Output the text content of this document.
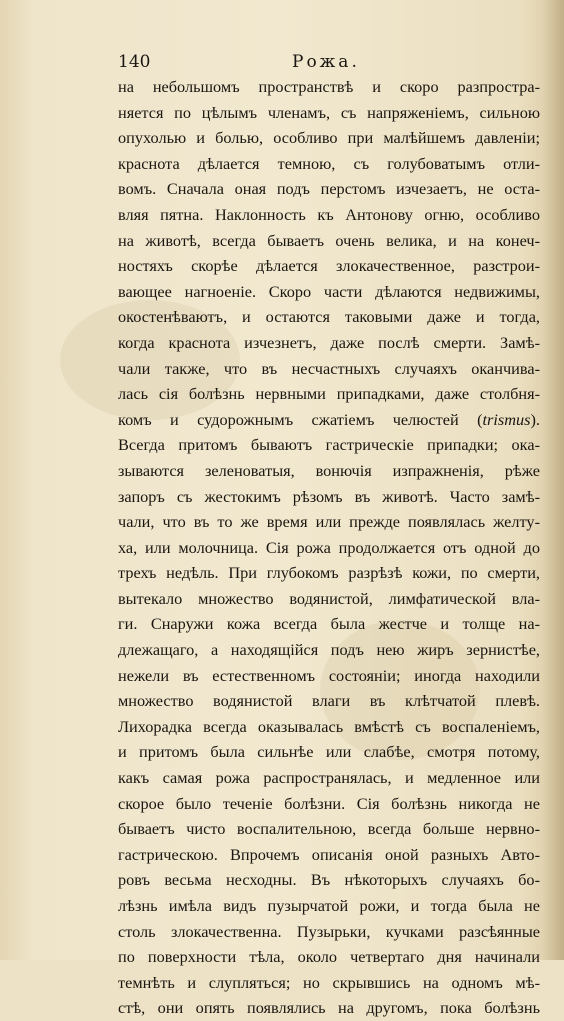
140	Рожа.
на небольшомъ пространствѣ и скоро разпростра-
няется по цѣлымъ членамъ, съ напряженіемъ, сильною
опухолью и болью, особливо при малѣйшемъ давленіи;
краснота дѣлается темною, съ голубоватымъ отли-
вомъ. Сначала оная подъ перстомъ изчезаетъ, не оста-
вляя пятна. Наклонность къ Антонову огню, особливо
на животѣ, всегда бываетъ очень велика, и на конеч-
ностяхъ скорѣе дѣлается злокачественное, разстрои-
вающее нагноеніе. Скоро части дѣлаются недвижимы,
окостенѣваютъ, и остаются таковыми даже и тогда,
когда краснота изчезнетъ, даже послѣ смерти. Замѣ-
чали также, что въ несчастныхъ случаяхъ оканчива-
лась сія болѣзнь нервными припадками, даже столбня-
комъ и судорожнымъ сжатіемъ челюстей (trismus).
Всегда притомъ бываютъ гастрическіе припадки; ока-
зываются зеленоватыя, вонючія изпражненія, рѣже
запоръ съ жестокимъ рѣзомъ въ животѣ. Часто замѣ-
чали, что въ то же время или прежде появлялась желту-
ха, или молочница. Сія рожа продолжается отъ одной до
трехъ недѣль. При глубокомъ разрѣзѣ кожи, по смерти,
вытекало множество водянистой, лимфатической вла-
ги. Снаружи кожа всегда была жестче и толще на-
длежащаго, а находящійся подъ нею жиръ зернистѣе,
нежели въ естественномъ состояніи; иногда находили
множество водянистой влаги въ клѣтчатой плевѣ.
Лихорадка всегда оказывалась вмѣстѣ съ воспаленіемъ,
и притомъ была сильнѣе или слабѣе, смотря потому,
какъ самая рожа распространялась, и медленное или
скорое было теченіе болѣзни. Сія болѣзнь никогда не
бываетъ чисто воспалительною, всегда больше нервно-
гастрическою. Впрочемъ описанія оной разныхъ Авто-
ровъ весьма несходны. Въ нѣкоторыхъ случаяхъ бо-
лѣзнь имѣла видъ пузырчатой рожи, и тогда была не
столь злокачественна. Пузырьки, кучками разсѣянные
по поверхности тѣла, около четвертаго дня начинали
темнѣть и слупляться; но скрывшись на одномъ мѣ-
стѣ, они опять появлялись на другомъ, пока болѣзнь
